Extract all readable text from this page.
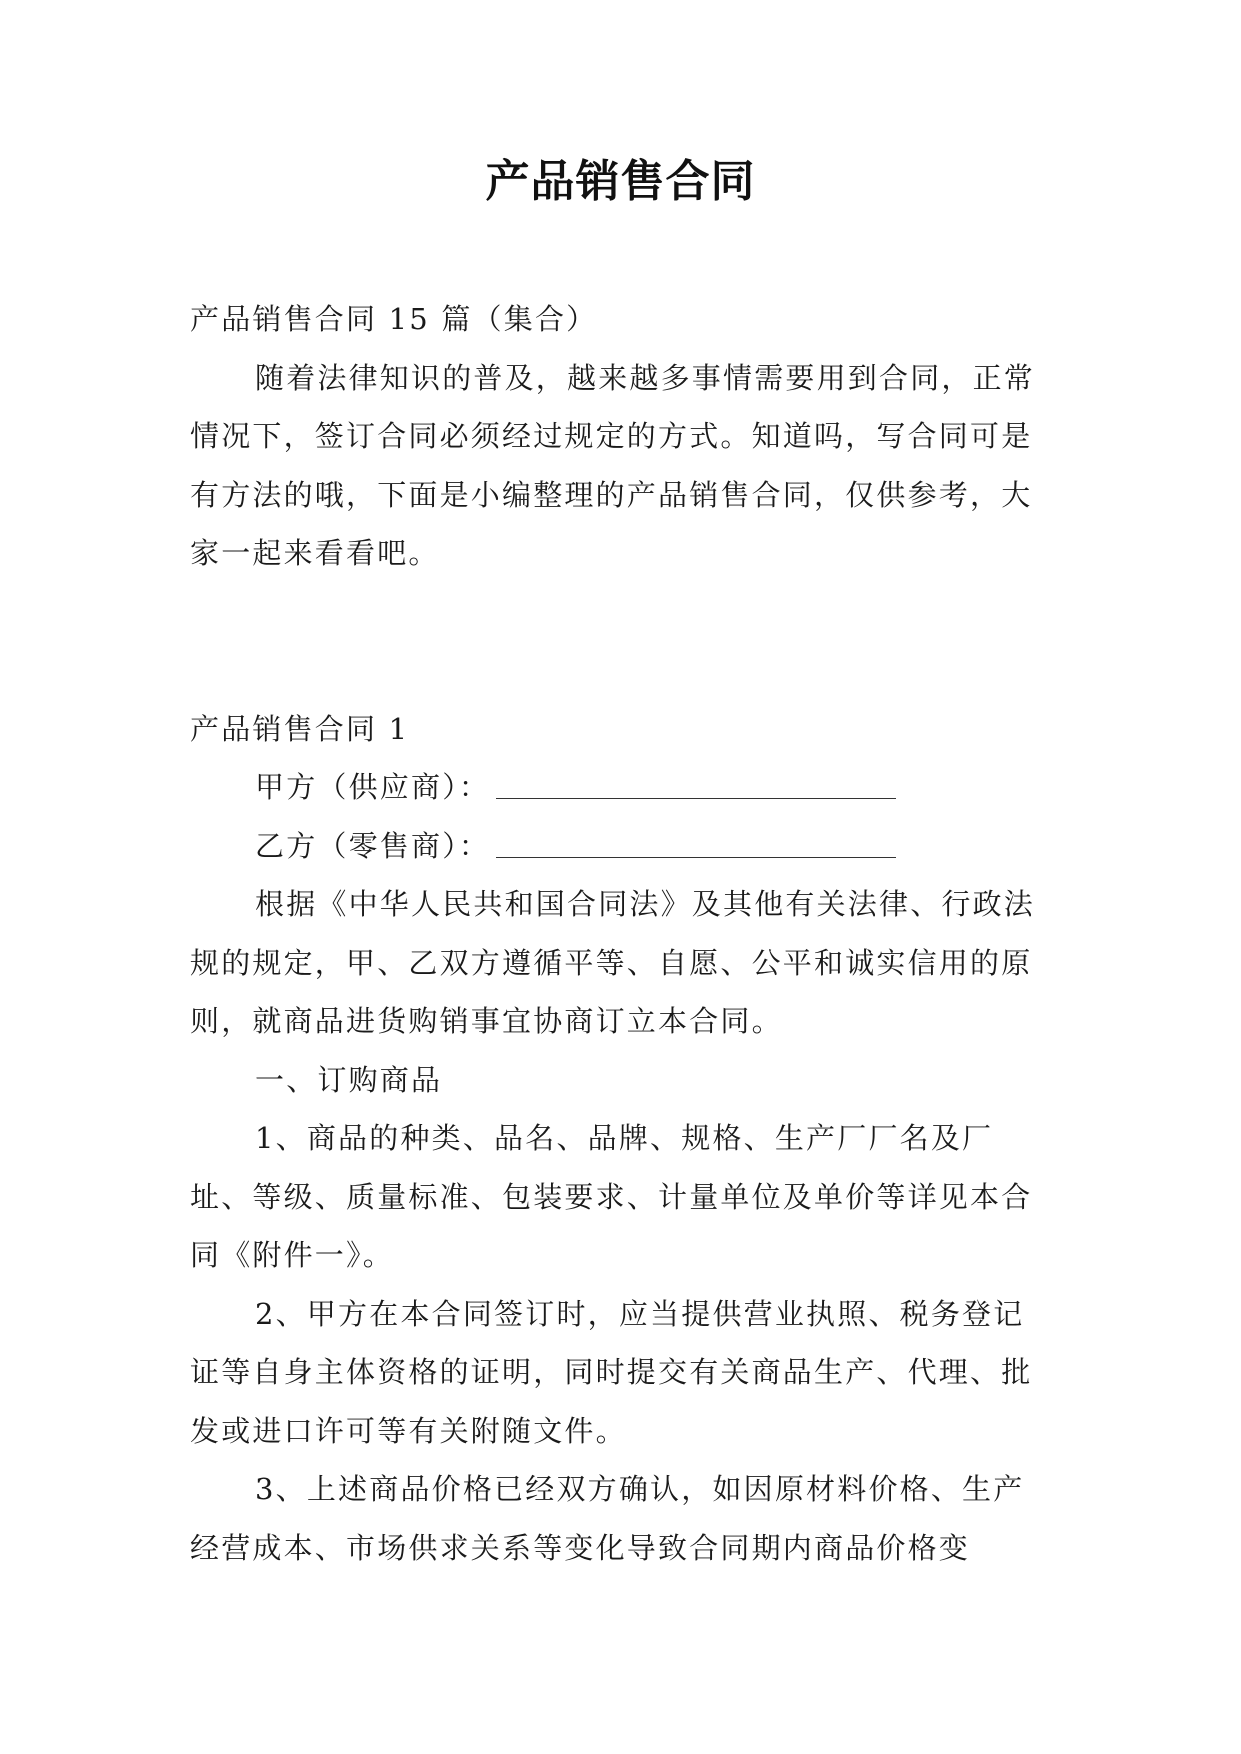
产品销售合同

产品销售合同 15 篇（集合）

随着法律知识的普及，越来越多事情需要用到合同，正常情况下，签订合同必须经过规定的方式。知道吗，写合同可是有方法的哦，下面是小编整理的产品销售合同，仅供参考，大家一起来看看吧。

产品销售合同 1

甲方（供应商）：

乙方（零售商）：

根据《中华人民共和国合同法》及其他有关法律、行政法规的规定，甲、乙双方遵循平等、自愿、公平和诚实信用的原则，就商品进货购销事宜协商订立本合同。

一、订购商品

1、商品的种类、品名、品牌、规格、生产厂厂名及厂址、等级、质量标准、包装要求、计量单位及单价等详见本合同《附件一》。

2、甲方在本合同签订时，应当提供营业执照、税务登记证等自身主体资格的证明，同时提交有关商品生产、代理、批发或进口许可等有关附随文件。

3、上述商品价格已经双方确认，如因原材料价格、生产经营成本、市场供求关系等变化导致合同期内商品价格变
